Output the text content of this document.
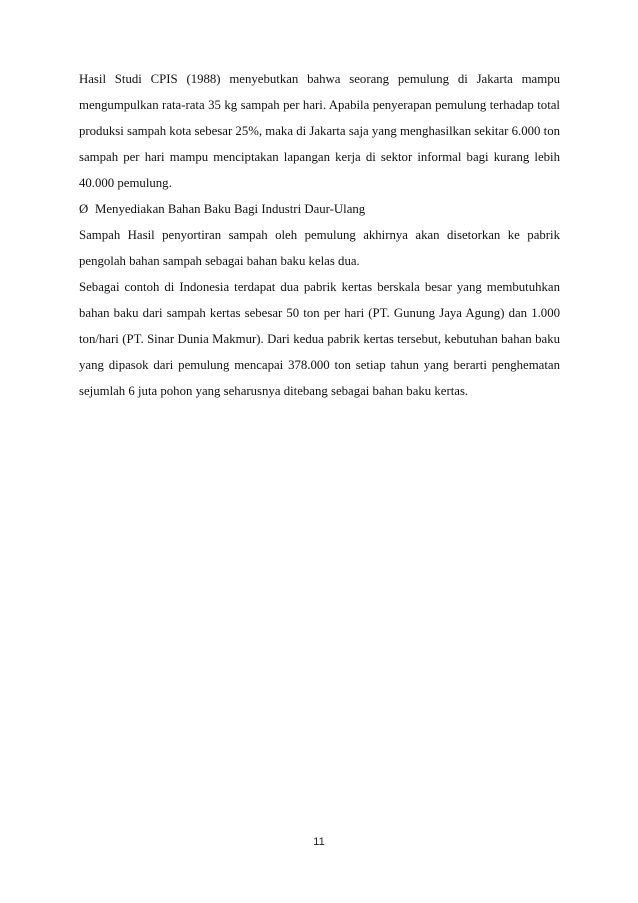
Hasil Studi CPIS (1988) menyebutkan bahwa seorang pemulung di Jakarta mampu
mengumpulkan rata-rata 35 kg sampah per hari. Apabila penyerapan pemulung terhadap total
produksi sampah kota sebesar 25%, maka di Jakarta saja yang menghasilkan sekitar 6.000 ton
sampah per hari mampu menciptakan lapangan kerja di sektor informal bagi kurang lebih
40.000 pemulung.

Ø Menyediakan Bahan Baku Bagi Industri Daur-Ulang

Sampah Hasil penyortiran sampah oleh pemulung akhirnya akan disetorkan ke pabrik
pengolah bahan sampah sebagai bahan baku kelas dua.

Sebagai contoh di Indonesia terdapat dua pabrik kertas berskala besar yang membutuhkan
bahan baku dari sampah kertas sebesar 50 ton per hari (PT. Gunung Jaya Agung) dan 1.000
ton/hari (PT. Sinar Dunia Makmur). Dari kedua pabrik kertas tersebut, kebutuhan bahan baku
yang dipasok dari pemulung mencapai 378.000 ton setiap tahun yang berarti penghematan
sejumlah 6 juta pohon yang seharusnya ditebang sebagai bahan baku kertas.

11
